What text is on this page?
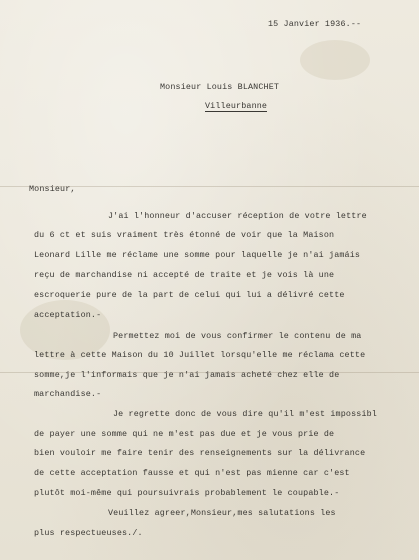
15 Janvier 1936.--
Monsieur Louis BLANCHET
Villeurbanne
Monsieur,
J'ai l'honneur d'accuser réception de votre lettre
du 6 ct et suis vraiment très étonné de voir que la Maison
Leonard Lille me réclame une somme pour laquelle je n'ai jamáis
reçu de marchandise ni accepté de traite et je vois là une
escroquerie pure de la part de celui qui lui a délivré cette
acceptation.-
Permettez moi de vous confirmer le contenu de ma
lettre à cette Maison du 10 Juillet lorsqu'elle me réclama cette
somme,je l'informais que je n'ai jamais acheté chez elle de
marchandise.-
Je regrette donc de vous dire qu'il m'est impossibl
de payer une somme qui ne m'est pas due et je vous prie de
bien vouloir me faire tenir des renseignements sur la délivrance
de cette acceptation fausse et qui n'est pas mienne car c'est
plutôt moi-même qui poursuivrais probablement le coupable.-
Veuillez agreer,Monsieur,mes salutations les
plus respectueuses./.
